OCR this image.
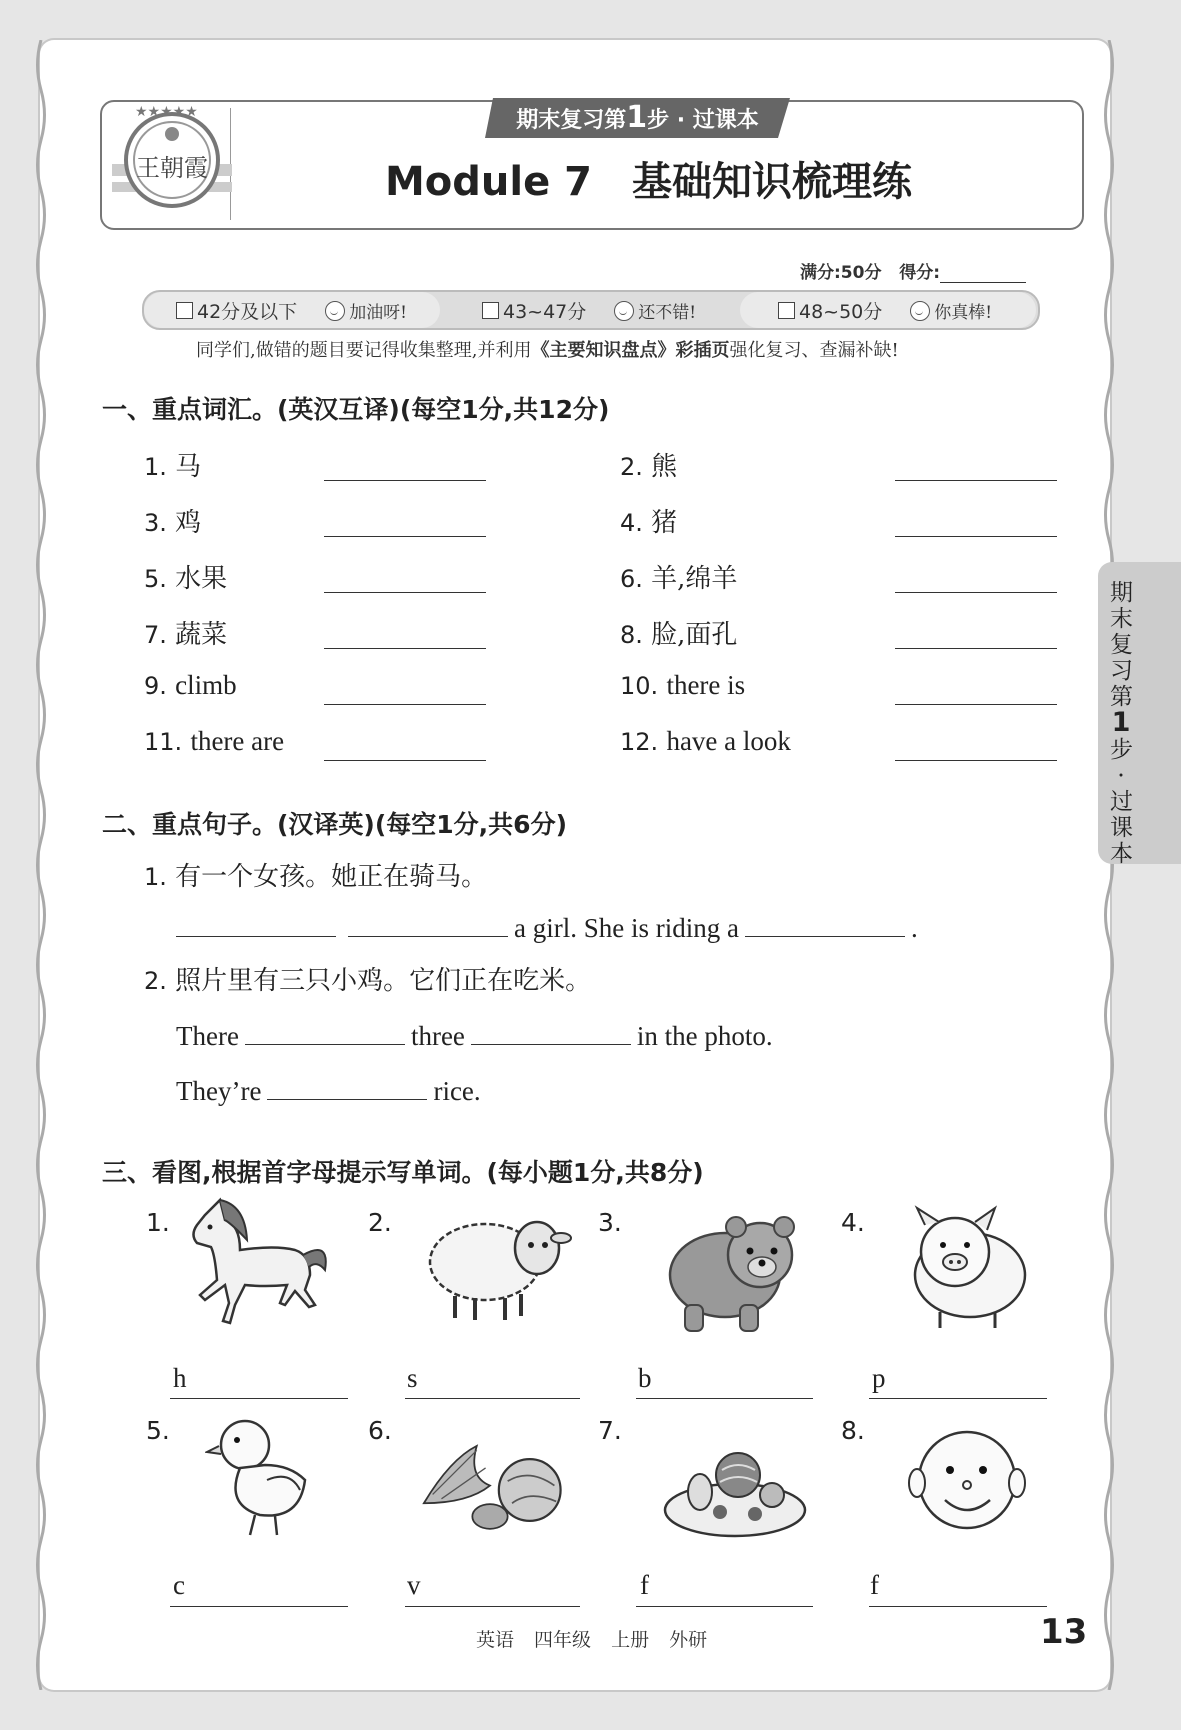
★★★★★
王朝霞
期末复习第1步 · 过课本
Module 7　基础知识梳理练
满分:50分 得分:
42分及以下	加油呀!	43~47分	还不错!	48~50分	你真棒!
同学们,做错的题目要记得收集整理,并利用《主要知识盘点》彩插页强化复习、查漏补缺!
一、重点词汇。(英汉互译)(每空1分,共12分)
1. 马	2. 熊
3. 鸡	4. 猪
5. 水果	6. 羊,绵羊
7. 蔬菜	8. 脸,面孔
9. climb	10. there is
11. there are	12. have a look
二、重点句子。(汉译英)(每空1分,共6分)
1. 有一个女孩。她正在骑马。
a girl. She is riding a	.
2. 照片里有三只小鸡。它们正在吃米。
There	three	in the photo.
They’re	rice.
三、看图,根据首字母提示写单词。(每小题1分,共8分)
1.	2.	3.	4.
h	s	b	p
5.	6.	7.	8.
c	v	f	f
期
末
复
习
第
1
步
·
过
课
本
英语 四年级 上册 外研	13
